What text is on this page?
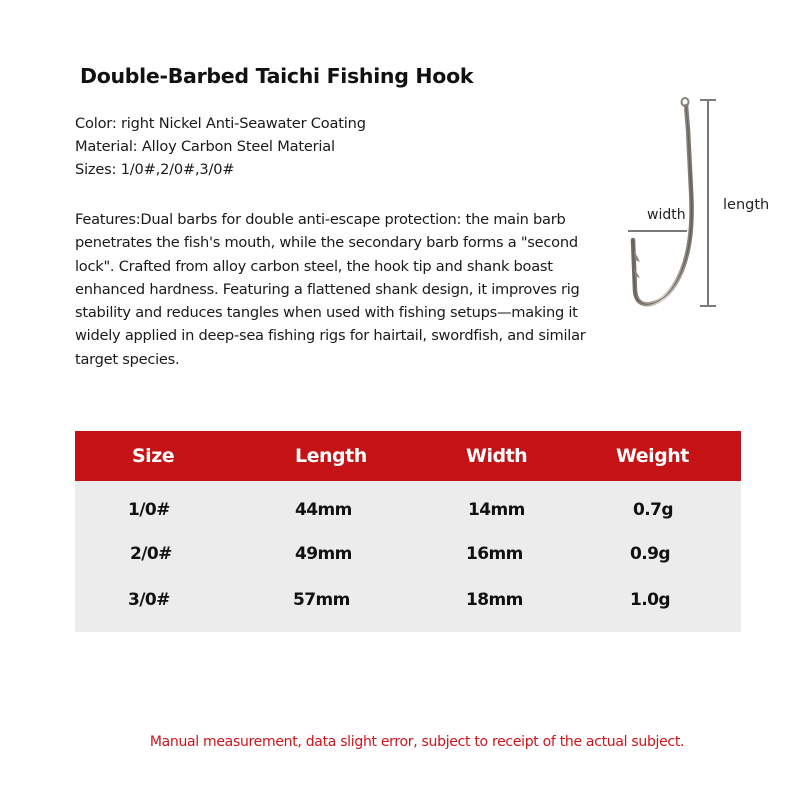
Double-Barbed Taichi Fishing Hook
Color: right Nickel Anti-Seawater Coating
Material: Alloy Carbon Steel Material
Sizes: 1/0#,2/0#,3/0#
Features:Dual barbs for double anti-escape protection: the main barb penetrates the fish's mouth, while the secondary barb forms a "second lock". Crafted from alloy carbon steel, the hook tip and shank boast enhanced hardness. Featuring a flattened shank design, it improves rig stability and reduces tangles when used with fishing setups—making it widely applied in deep-sea fishing rigs for hairtail, swordfish, and similar target species.
width
length
Size	Length	Width	Weight
1/0#	44mm	14mm	0.7g
2/0#	49mm	16mm	0.9g
3/0#	57mm	18mm	1.0g
Manual measurement, data slight error, subject to receipt of the actual subject.
